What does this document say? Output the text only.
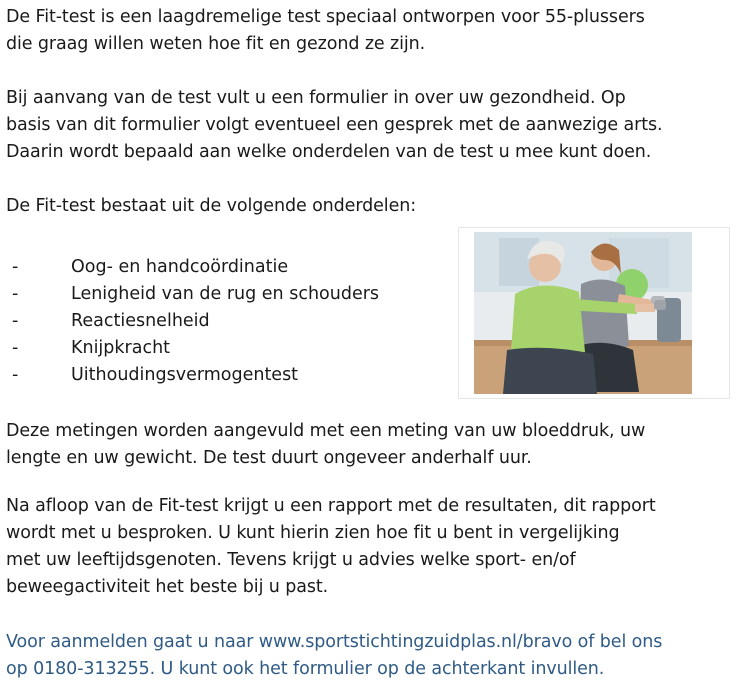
De Fit-test is een laagdremelige test speciaal ontworpen voor 55-plussers

die graag willen weten hoe fit en gezond ze zijn.

Bij aanvang van de test vult u een formulier in over uw gezondheid. Op

basis van dit formulier volgt eventueel een gesprek met de aanwezige arts.

Daarin wordt bepaald aan welke onderdelen van de test u mee kunt doen.

De Fit-test bestaat uit de volgende onderdelen:

-	Oog- en handcoördinatie
-	Lenigheid van de rug en schouders
-	Reactiesnelheid
-	Knijpkracht
-	Uithoudingsvermogentest

Deze metingen worden aangevuld met een meting van uw bloeddruk, uw

lengte en uw gewicht. De test duurt ongeveer anderhalf uur.

Na afloop van de Fit-test krijgt u een rapport met de resultaten, dit rapport

wordt met u besproken. U kunt hierin zien hoe fit u bent in vergelijking

met uw leeftijdsgenoten. Tevens krijgt u advies welke sport- en/of

beweegactiviteit het beste bij u past.

Voor aanmelden gaat u naar www.sportstichtingzuidplas.nl/bravo of bel ons

op 0180-313255. U kunt ook het formulier op de achterkant invullen.
